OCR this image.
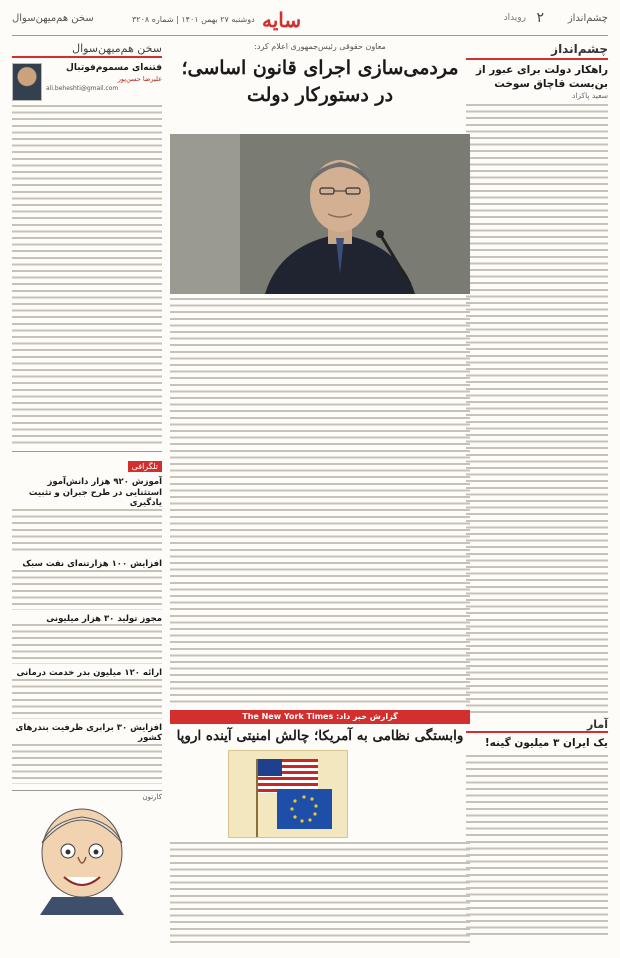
چشم‌انداز
رویداد ۲
سایه
دوشنبه ۲۷ بهمن ۱۴۰۱ | شماره ۳۲۰۸
سخن هم‌میهن‌سوال
چشم‌انداز
راهکار دولت برای عبور از بن‌بست قاچاق سوخت
سعید پاکزاد
آمار
یک ایران ۳ میلیون گینه!
معاون حقوقی رئیس‌جمهوری اعلام کرد:
مردمی‌سازی اجرای قانون اساسی؛
در دستورکار دولت
گزارش خبر داد: The New York Times
وابستگی نظامی به آمریکا؛ چالش امنیتی آینده اروپا
سخن هم‌میهن‌سوال
فتنه‌ای مسموم‌فوتبال
علیرضا حسن‌پور
ali.beheshti@gmail.com
تلگرافی
آموزش ۹۲۰ هزار دانش‌آموز استثنایی در طرح جبران و تثبیت یادگیری
افزایش ۱۰۰ هزار‌تنه‌ای نفت سبک
مجوز تولید ۳۰ هزار میلیونی
ارائه ۱۲۰ میلیون بدر خدمت درمانی
افزایش ۳۰ برابری ظرفیت بندرهای کشور
کارتون
